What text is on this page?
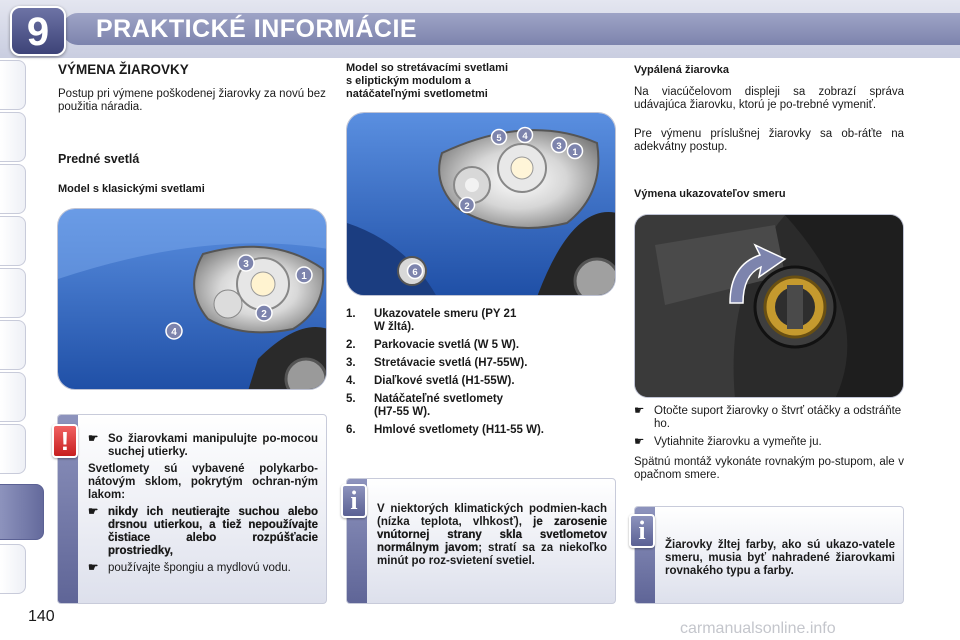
PRAKTICKÉ INFORMÁCIE
9
VÝMENA ŽIAROVKY
Postup pri výmene poškodenej žiarovky za novú bez použitia náradia.
Predné svetlá
Model s klasickými svetlami
3
1
2
4
☛ So žiarovkami manipulujte po-mocou suchej utierky.

Svetlomety sú vybavené polykarbo-nátovým sklom, pokrytým ochran-ným lakom:

☛ nikdy ich neutierajte suchou alebo drsnou utierkou, a tiež nepoužívajte čistiace alebo rozpúšťacie prostriedky,
☛ používajte špongiu a mydlovú vodu.
!
Model so stretávacími svetlami
s eliptickým modulom a
natáčateľnými svetlometmi
5 4
3
1
2
6
1.	Ukazovatele smeru (PY 21 W žltá).
2.	Parkovacie svetlá (W 5 W).
3.	Stretávacie svetlá (H7-55W).
4.	Diaľkové svetlá (H1-55W).
5.	Natáčateľné svetlomety (H7-55 W).
6.	Hmlové svetlomety (H11-55 W).
V niektorých klimatických podmien-kach (nízka teplota, vlhkosť), je zarosenie vnútornej strany skla svetlometov normálnym javom; stratí sa za niekoľko minút po roz-svietení svetiel.
i
Vypálená žiarovka
Na viacúčelovom displeji sa zobrazí správa udávajúca žiarovku, ktorú je po-trebné vymeniť.
Pre výmenu príslušnej žiarovky sa ob-ráťte na adekvátny postup.
Výmena ukazovateľov smeru
☛ Otočte suport žiarovky o štvrť otáčky a odstráňte ho.
☛ Vytiahnite žiarovku a vymeňte ju.
Spätnú montáž vykonáte rovnakým po-stupom, ale v opačnom smere.
Žiarovky žltej farby, ako sú ukazo-vatele smeru, musia byť nahradené žiarovkami rovnakého typu a farby.
i
140
carmanualsonline.info
